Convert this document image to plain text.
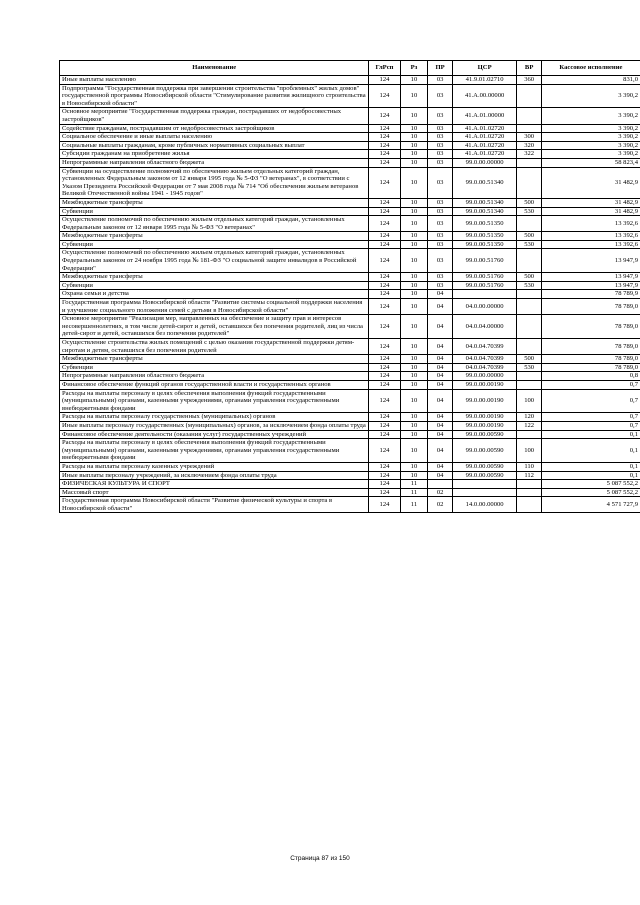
Наименование	ГлРсп	Рз	ПР	ЦСР	ВР	Кассовое исполнение
Иные выплаты населению	124	10	03	41.9.01.02710	360	831,0
Подпрограмма "Государственная поддержка при завершении строительства "проблемных" жилых домов" государственной программы Новосибирской области "Стимулирование развития жилищного строительства в Новосибирской области"	124	10	03	41.А.00.00000		3 390,2
Основное мероприятие "Государственная поддержка граждан, пострадавших от недобросовестных застройщиков"	124	10	03	41.А.01.00000		3 390,2
Содействие гражданам, пострадавшим от недобросовестных застройщиков	124	10	03	41.А.01.02720		3 390,2
Социальное обеспечение и иные выплаты населению	124	10	03	41.А.01.02720	300	3 390,2
Социальные выплаты гражданам, кроме публичных нормативных социальных выплат	124	10	03	41.А.01.02720	320	3 390,2
Субсидии гражданам на приобретение жилья	124	10	03	41.А.01.02720	322	3 390,2
Непрограммные направления областного бюджета	124	10	03	99.0.00.00000		58 823,4
Субвенции на осуществление полномочий по обеспечению жильем отдельных категорий граждан, установленных Федеральным законом от 12 января 1995 года № 5-ФЗ "О ветеранах", в соответствии с Указом Президента Российской Федерации от 7 мая 2008 года № 714 "Об обеспечении жильем ветеранов Великой Отечественной войны 1941 - 1945 годов"	124	10	03	99.0.00.51340		31 482,9
Межбюджетные трансферты	124	10	03	99.0.00.51340	500	31 482,9
Субвенции	124	10	03	99.0.00.51340	530	31 482,9
Осуществление полномочий по обеспечению жильем отдельных категорий граждан, установленных Федеральным законом от 12 января 1995 года № 5-ФЗ "О ветеранах"	124	10	03	99.0.00.51350		13 392,6
Межбюджетные трансферты	124	10	03	99.0.00.51350	500	13 392,6
Субвенции	124	10	03	99.0.00.51350	530	13 392,6
Осуществление полномочий по обеспечению жильем отдельных категорий граждан, установленных Федеральным законом от 24 ноября 1995 года № 181-ФЗ "О социальной защите инвалидов в Российской Федерации"	124	10	03	99.0.00.51760		13 947,9
Межбюджетные трансферты	124	10	03	99.0.00.51760	500	13 947,9
Субвенции	124	10	03	99.0.00.51760	530	13 947,9
Охрана семьи и детства	124	10	04			78 789,9
Государственная программа Новосибирской области "Развитие системы социальной поддержки населения и улучшение социального положения семей с детьми в Новосибирской области"	124	10	04	04.0.00.00000		78 789,0
Основное мероприятие "Реализация мер, направленных на обеспечение и защиту прав и интересов несовершеннолетних, в том числе детей-сирот и детей, оставшихся без попечения родителей, лиц из числа детей-сирот и детей, оставшихся без попечения родителей"	124	10	04	04.0.04.00000		78 789,0
Осуществление строительства жилых помещений с целью оказания государственной поддержки детям-сиротам и детям, оставшихся без попечения родителей	124	10	04	04.0.04.70399		78 789,0
Межбюджетные трансферты	124	10	04	04.0.04.70399	500	78 789,0
Субвенции	124	10	04	04.0.04.70399	530	78 789,0
Непрограммные направления областного бюджета	124	10	04	99.0.00.00000		0,8
Финансовое обеспечение функций органов государственной власти и государственных органов	124	10	04	99.0.00.00190		0,7
Расходы на выплаты персоналу в целях обеспечения выполнения функций государственными (муниципальными) органами, казенными учреждениями, органами управления государственными внебюджетными фондами	124	10	04	99.0.00.00190	100	0,7
Расходы на выплаты персоналу государственных (муниципальных) органов	124	10	04	99.0.00.00190	120	0,7
Иные выплаты персоналу государственных (муниципальных) органов, за исключением фонда оплаты труда	124	10	04	99.0.00.00190	122	0,7
Финансовое обеспечение деятельности (оказания услуг) государственных учреждений	124	10	04	99.0.00.00590		0,1
Расходы на выплаты персоналу в целях обеспечения выполнения функций государственными (муниципальными) органами, казенными учреждениями, органами управления государственными внебюджетными фондами	124	10	04	99.0.00.00590	100	0,1
Расходы на выплаты персоналу казенных учреждений	124	10	04	99.0.00.00590	110	0,1
Иные выплаты персоналу учреждений, за исключением фонда оплаты труда	124	10	04	99.0.00.00590	112	0,1
ФИЗИЧЕСКАЯ КУЛЬТУРА И СПОРТ	124	11				5 087 552,2
Массовый спорт	124	11	02			5 087 552,2
Государственная программа Новосибирской области "Развитие физической культуры и спорта в Новосибирской области"	124	11	02	14.0.00.00000		4 571 727,9
Страница 87 из 150
